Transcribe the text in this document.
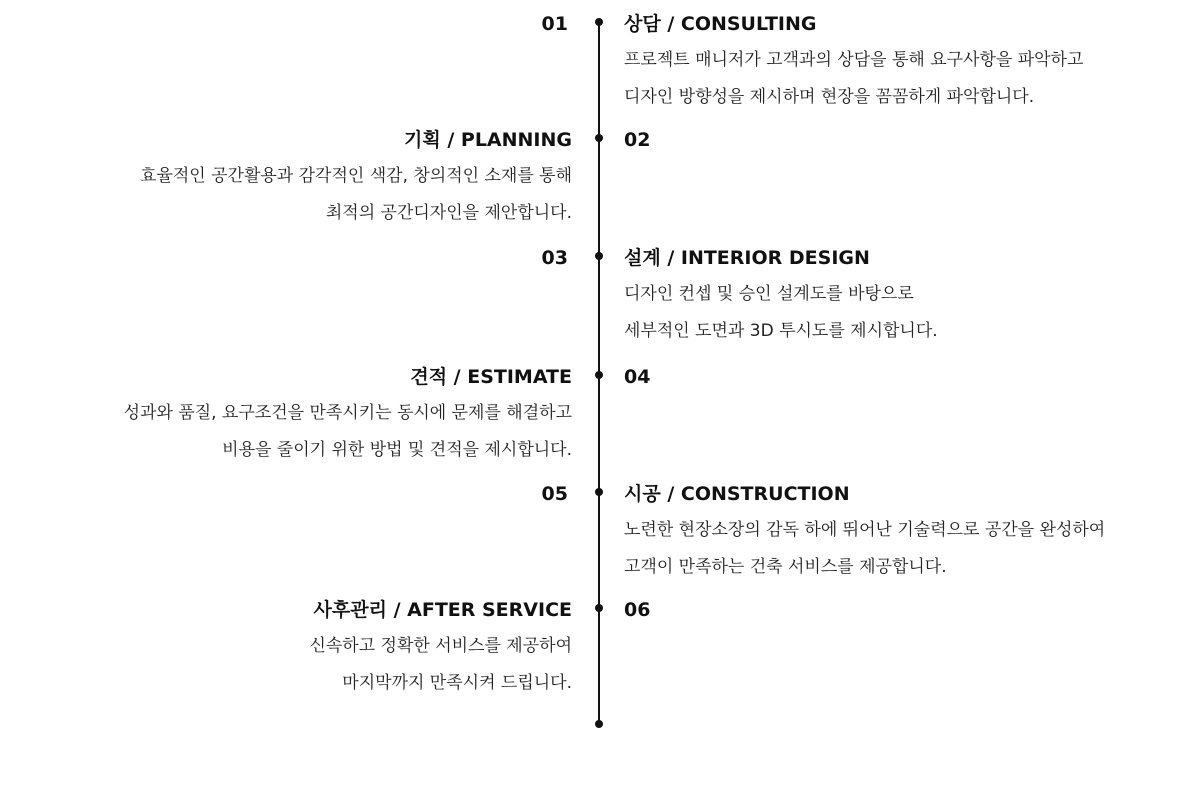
01	상담 / CONSULTING

프로젝트 매니저가 고객과의 상담을 통해 요구사항을 파악하고
디자인 방향성을 제시하며 현장을 꼼꼼하게 파악합니다.

02

기획 / PLANNING

효율적인 공간활용과 감각적인 색감, 창의적인 소재를 통해
최적의 공간디자인을 제안합니다.

03	설계 / INTERIOR DESIGN

디자인 컨셉 및 승인 설계도를 바탕으로
세부적인 도면과 3D 투시도를 제시합니다.

04

견적 / ESTIMATE

성과와 품질, 요구조건을 만족시키는 동시에 문제를 해결하고
비용을 줄이기 위한 방법 및 견적을 제시합니다.

05	시공 / CONSTRUCTION

노련한 현장소장의 감독 하에 뛰어난 기술력으로 공간을 완성하여
고객이 만족하는 건축 서비스를 제공합니다.

06

사후관리 / AFTER SERVICE

신속하고 정확한 서비스를 제공하여
마지막까지 만족시켜 드립니다.
